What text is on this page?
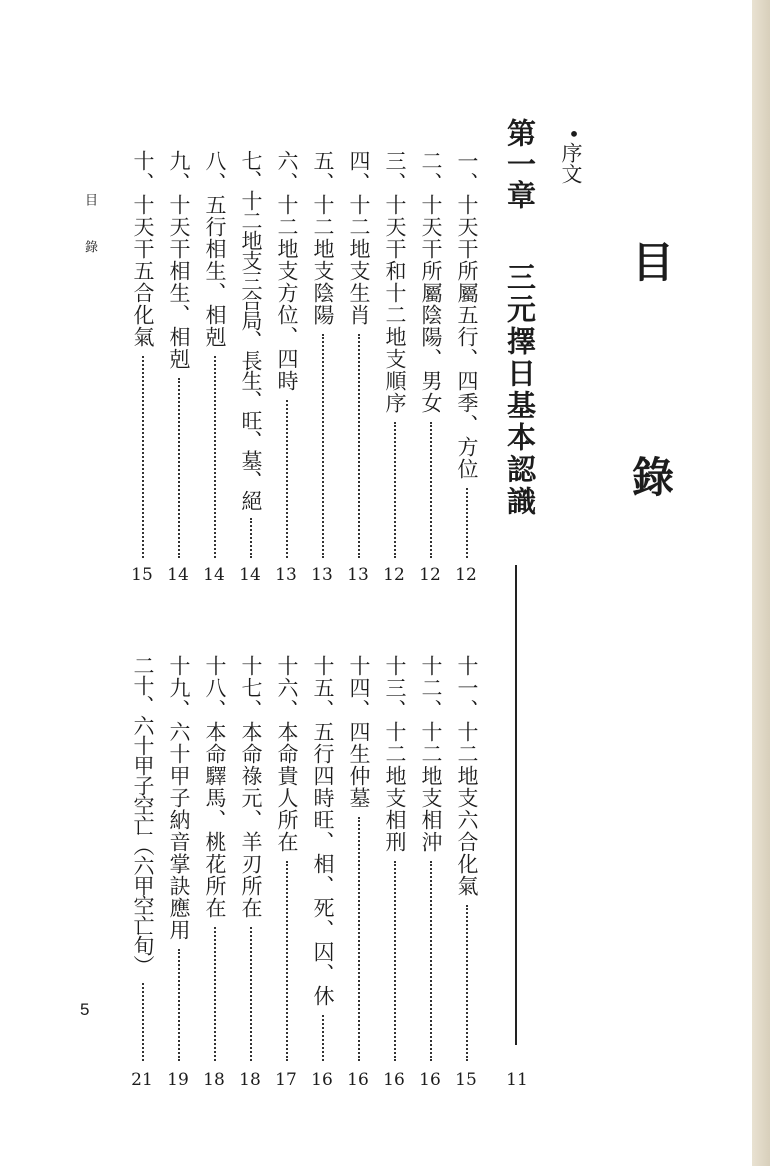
目 錄
•
序文
第一章
三元擇日基本認識
11
一、十天干所屬五行、四季、方位
12
二、十天干所屬陰陽、男女
12
三、十天干和十二地支順序
12
四、十二地支生肖
13
五、十二地支陰陽
13
六、十二地支方位、四時
13
七、十二地支三合局、長生、旺、墓、絕
14
八、五行相生、相剋
14
九、十天干相生、相剋
14
十、十天干五合化氣
15
十一、十二地支六合化氣
15
十二、十二地支相沖
16
十三、十二地支相刑
16
十四、四生仲墓
16
十五、五行四時旺、相、死、囚、休
16
十六、本命貴人所在
17
十七、本命祿元、羊刃所在
18
十八、本命驛馬、桃花所在
18
十九、六十甲子納音掌訣應用
19
二十、六十甲子空亡（六甲空亡旬）
21
目
錄
5
